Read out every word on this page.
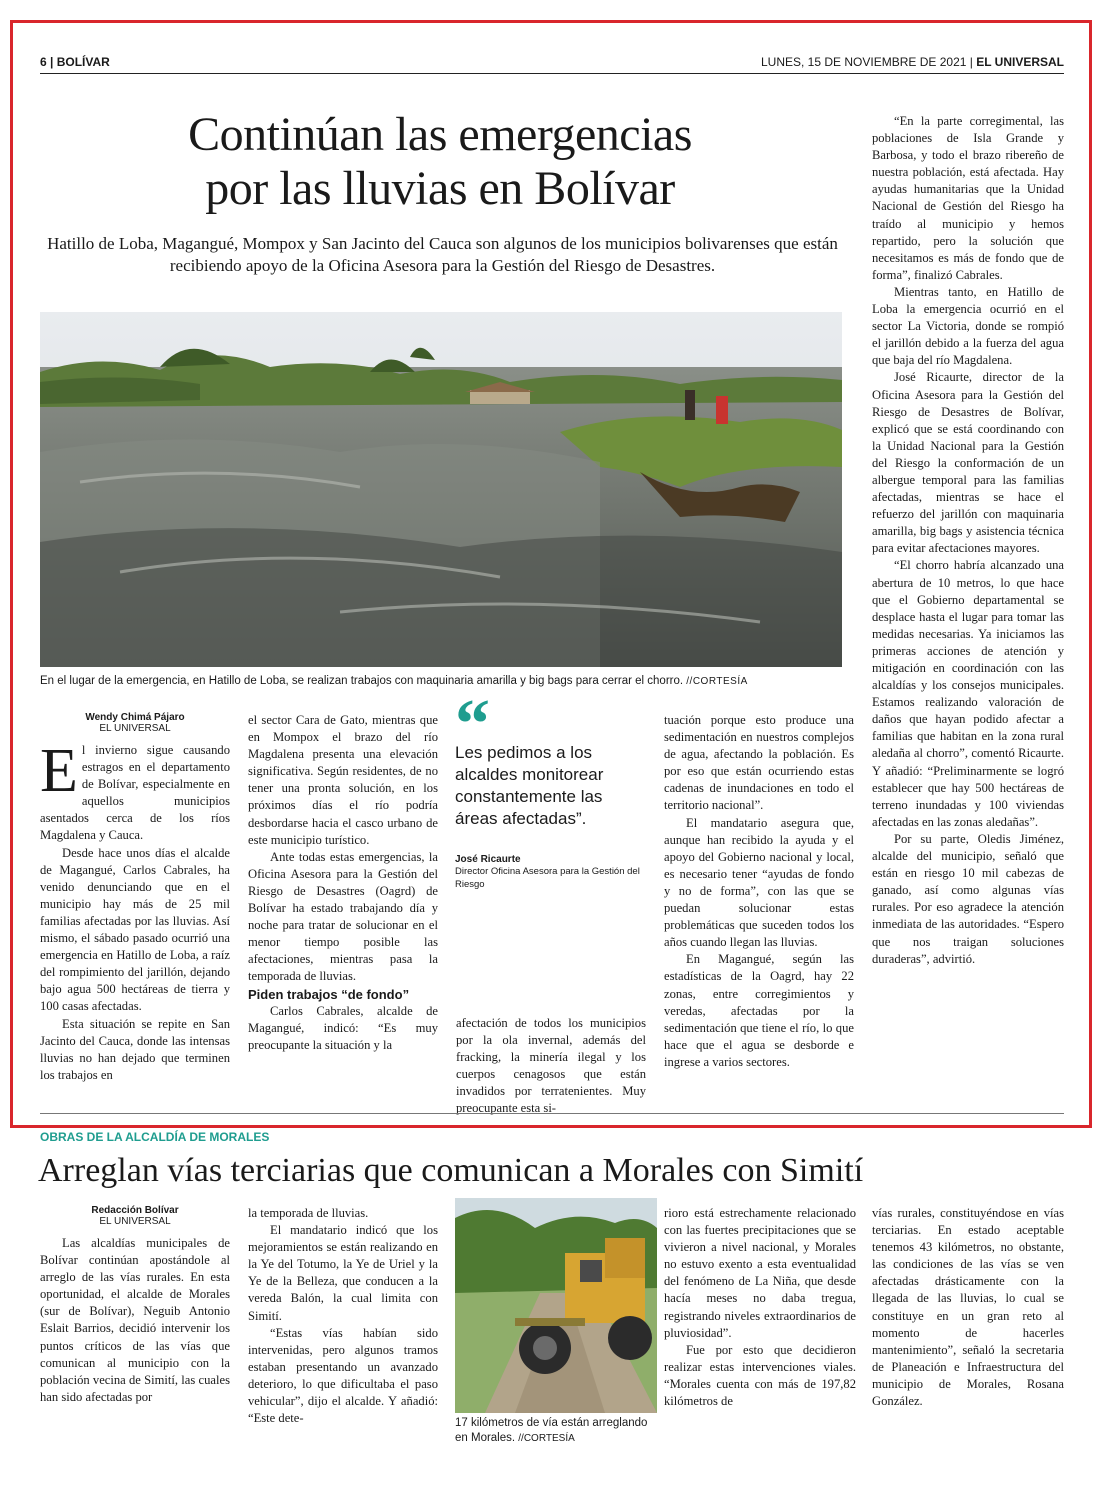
6 | BOLÍVAR	LUNES, 15 DE NOVIEMBRE DE 2021 | EL UNIVERSAL
Continúan las emergencias
por las lluvias en Bolívar
Hatillo de Loba, Magangué, Mompox y San Jacinto del Cauca son algunos de los municipios bolivarenses que están recibiendo apoyo de la Oficina Asesora para la Gestión del Riesgo de Desastres.
En el lugar de la emergencia, en Hatillo de Loba, se realizan trabajos con maquinaria amarilla y big bags para cerrar el chorro. //CORTESÍA
Wendy Chimá Pájaro
EL UNIVERSAL

El invierno sigue causando estragos en el departamento de Bolívar, especialmente en aquellos municipios asentados cerca de los ríos Magdalena y Cauca.

Desde hace unos días el alcalde de Magangué, Carlos Cabrales, ha venido denunciando que en el municipio hay más de 25 mil familias afectadas por las lluvias. Así mismo, el sábado pasado ocurrió una emergencia en Hatillo de Loba, a raíz del rompimiento del jarillón, dejando bajo agua 500 hectáreas de tierra y 100 casas afectadas.

Esta situación se repite en San Jacinto del Cauca, donde las intensas lluvias no han dejado que terminen los trabajos en

el sector Cara de Gato, mientras que en Mompox el brazo del río Magdalena presenta una elevación significativa. Según residentes, de no tener una pronta solución, en los próximos días el río podría desbordarse hacia el casco urbano de este municipio turístico.

Ante todas estas emergencias, la Oficina Asesora para la Gestión del Riesgo de Desastres (Oagrd) de Bolívar ha estado trabajando día y noche para tratar de solucionar en el menor tiempo posible las afectaciones, mientras pasa la temporada de lluvias.

Piden trabajos “de fondo”

Carlos Cabrales, alcalde de Magangué, indicó: “Es muy preocupante la situación y la

“
Les pedimos a los alcaldes monitorear constantemente las áreas afectadas”.
José Ricaurte
Director Oficina Asesora para la Gestión del Riesgo

afectación de todos los municipios por la ola invernal, además del fracking, la minería ilegal y los cuerpos cenagosos que están invadidos por terratenientes. Muy preocupante esta si-

tuación porque esto produce una sedimentación en nuestros complejos de agua, afectando la población. Es por eso que están ocurriendo estas cadenas de inundaciones en todo el territorio nacional”.

El mandatario asegura que, aunque han recibido la ayuda y el apoyo del Gobierno nacional y local, es necesario tener “ayudas de fondo y no de forma”, con las que se puedan solucionar estas problemáticas que suceden todos los años cuando llegan las lluvias.

En Magangué, según las estadísticas de la Oagrd, hay 22 zonas, entre corregimientos y veredas, afectadas por la sedimentación que tiene el río, lo que hace que el agua se desborde e ingrese a varios sectores.

“En la parte corregimental, las poblaciones de Isla Grande y Barbosa, y todo el brazo ribereño de nuestra población, está afectada. Hay ayudas humanitarias que la Unidad Nacional de Gestión del Riesgo ha traído al municipio y hemos repartido, pero la solución que necesitamos es más de fondo que de forma”, finalizó Cabrales.

Mientras tanto, en Hatillo de Loba la emergencia ocurrió en el sector La Victoria, donde se rompió el jarillón debido a la fuerza del agua que baja del río Magdalena.

José Ricaurte, director de la Oficina Asesora para la Gestión del Riesgo de Desastres de Bolívar, explicó que se está coordinando con la Unidad Nacional para la Gestión del Riesgo la conformación de un albergue temporal para las familias afectadas, mientras se hace el refuerzo del jarillón con maquinaria amarilla, big bags y asistencia técnica para evitar afectaciones mayores.

“El chorro habría alcanzado una abertura de 10 metros, lo que hace que el Gobierno departamental se desplace hasta el lugar para tomar las medidas necesarias. Ya iniciamos las primeras acciones de atención y mitigación en coordinación con las alcaldías y los consejos municipales. Estamos realizando valoración de daños que hayan podido afectar a familias que habitan en la zona rural aledaña al chorro”, comentó Ricaurte. Y añadió: “Preliminarmente se logró establecer que hay 500 hectáreas de terreno inundadas y 100 viviendas afectadas en las zonas aledañas”.

Por su parte, Oledis Jiménez, alcalde del municipio, señaló que están en riesgo 10 mil cabezas de ganado, así como algunas vías rurales. Por eso agradece la atención inmediata de las autoridades. “Espero que nos traigan soluciones duraderas”, advirtió.

OBRAS DE LA ALCALDÍA DE MORALES
Arreglan vías terciarias que comunican a Morales con Simití
Redacción Bolívar
EL UNIVERSAL

Las alcaldías municipales de Bolívar continúan apostándole al arreglo de las vías rurales. En esta oportunidad, el alcalde de Morales (sur de Bolívar), Neguib Antonio Eslait Barrios, decidió intervenir los puntos críticos de las vías que comunican al municipio con la población vecina de Simití, las cuales han sido afectadas por

la temporada de lluvias.

El mandatario indicó que los mejoramientos se están realizando en la Ye del Totumo, la Ye de Uriel y la Ye de la Belleza, que conducen a la vereda Balón, la cual limita con Simití.

“Estas vías habían sido intervenidas, pero algunos tramos estaban presentando un avanzado deterioro, lo que dificultaba el paso vehicular”, dijo el alcalde. Y añadió: “Este dete-	17 kilómetros de vía están arreglando en Morales. //CORTESÍA

rioro está estrechamente relacionado con las fuertes precipitaciones que se vivieron a nivel nacional, y Morales no estuvo exento a esta eventualidad del fenómeno de La Niña, que desde hacía meses no daba tregua, registrando niveles extraordinarios de pluviosidad”.

Fue por esto que decidieron realizar estas intervenciones viales. “Morales cuenta con más de 197,82 kilómetros de

vías rurales, constituyéndose en vías terciarias. En estado aceptable tenemos 43 kilómetros, no obstante, las condiciones de las vías se ven afectadas drásticamente con la llegada de las lluvias, lo cual se constituye en un gran reto al momento de hacerles mantenimiento”, señaló la secretaria de Planeación e Infraestructura del municipio de Morales, Rosana González.
